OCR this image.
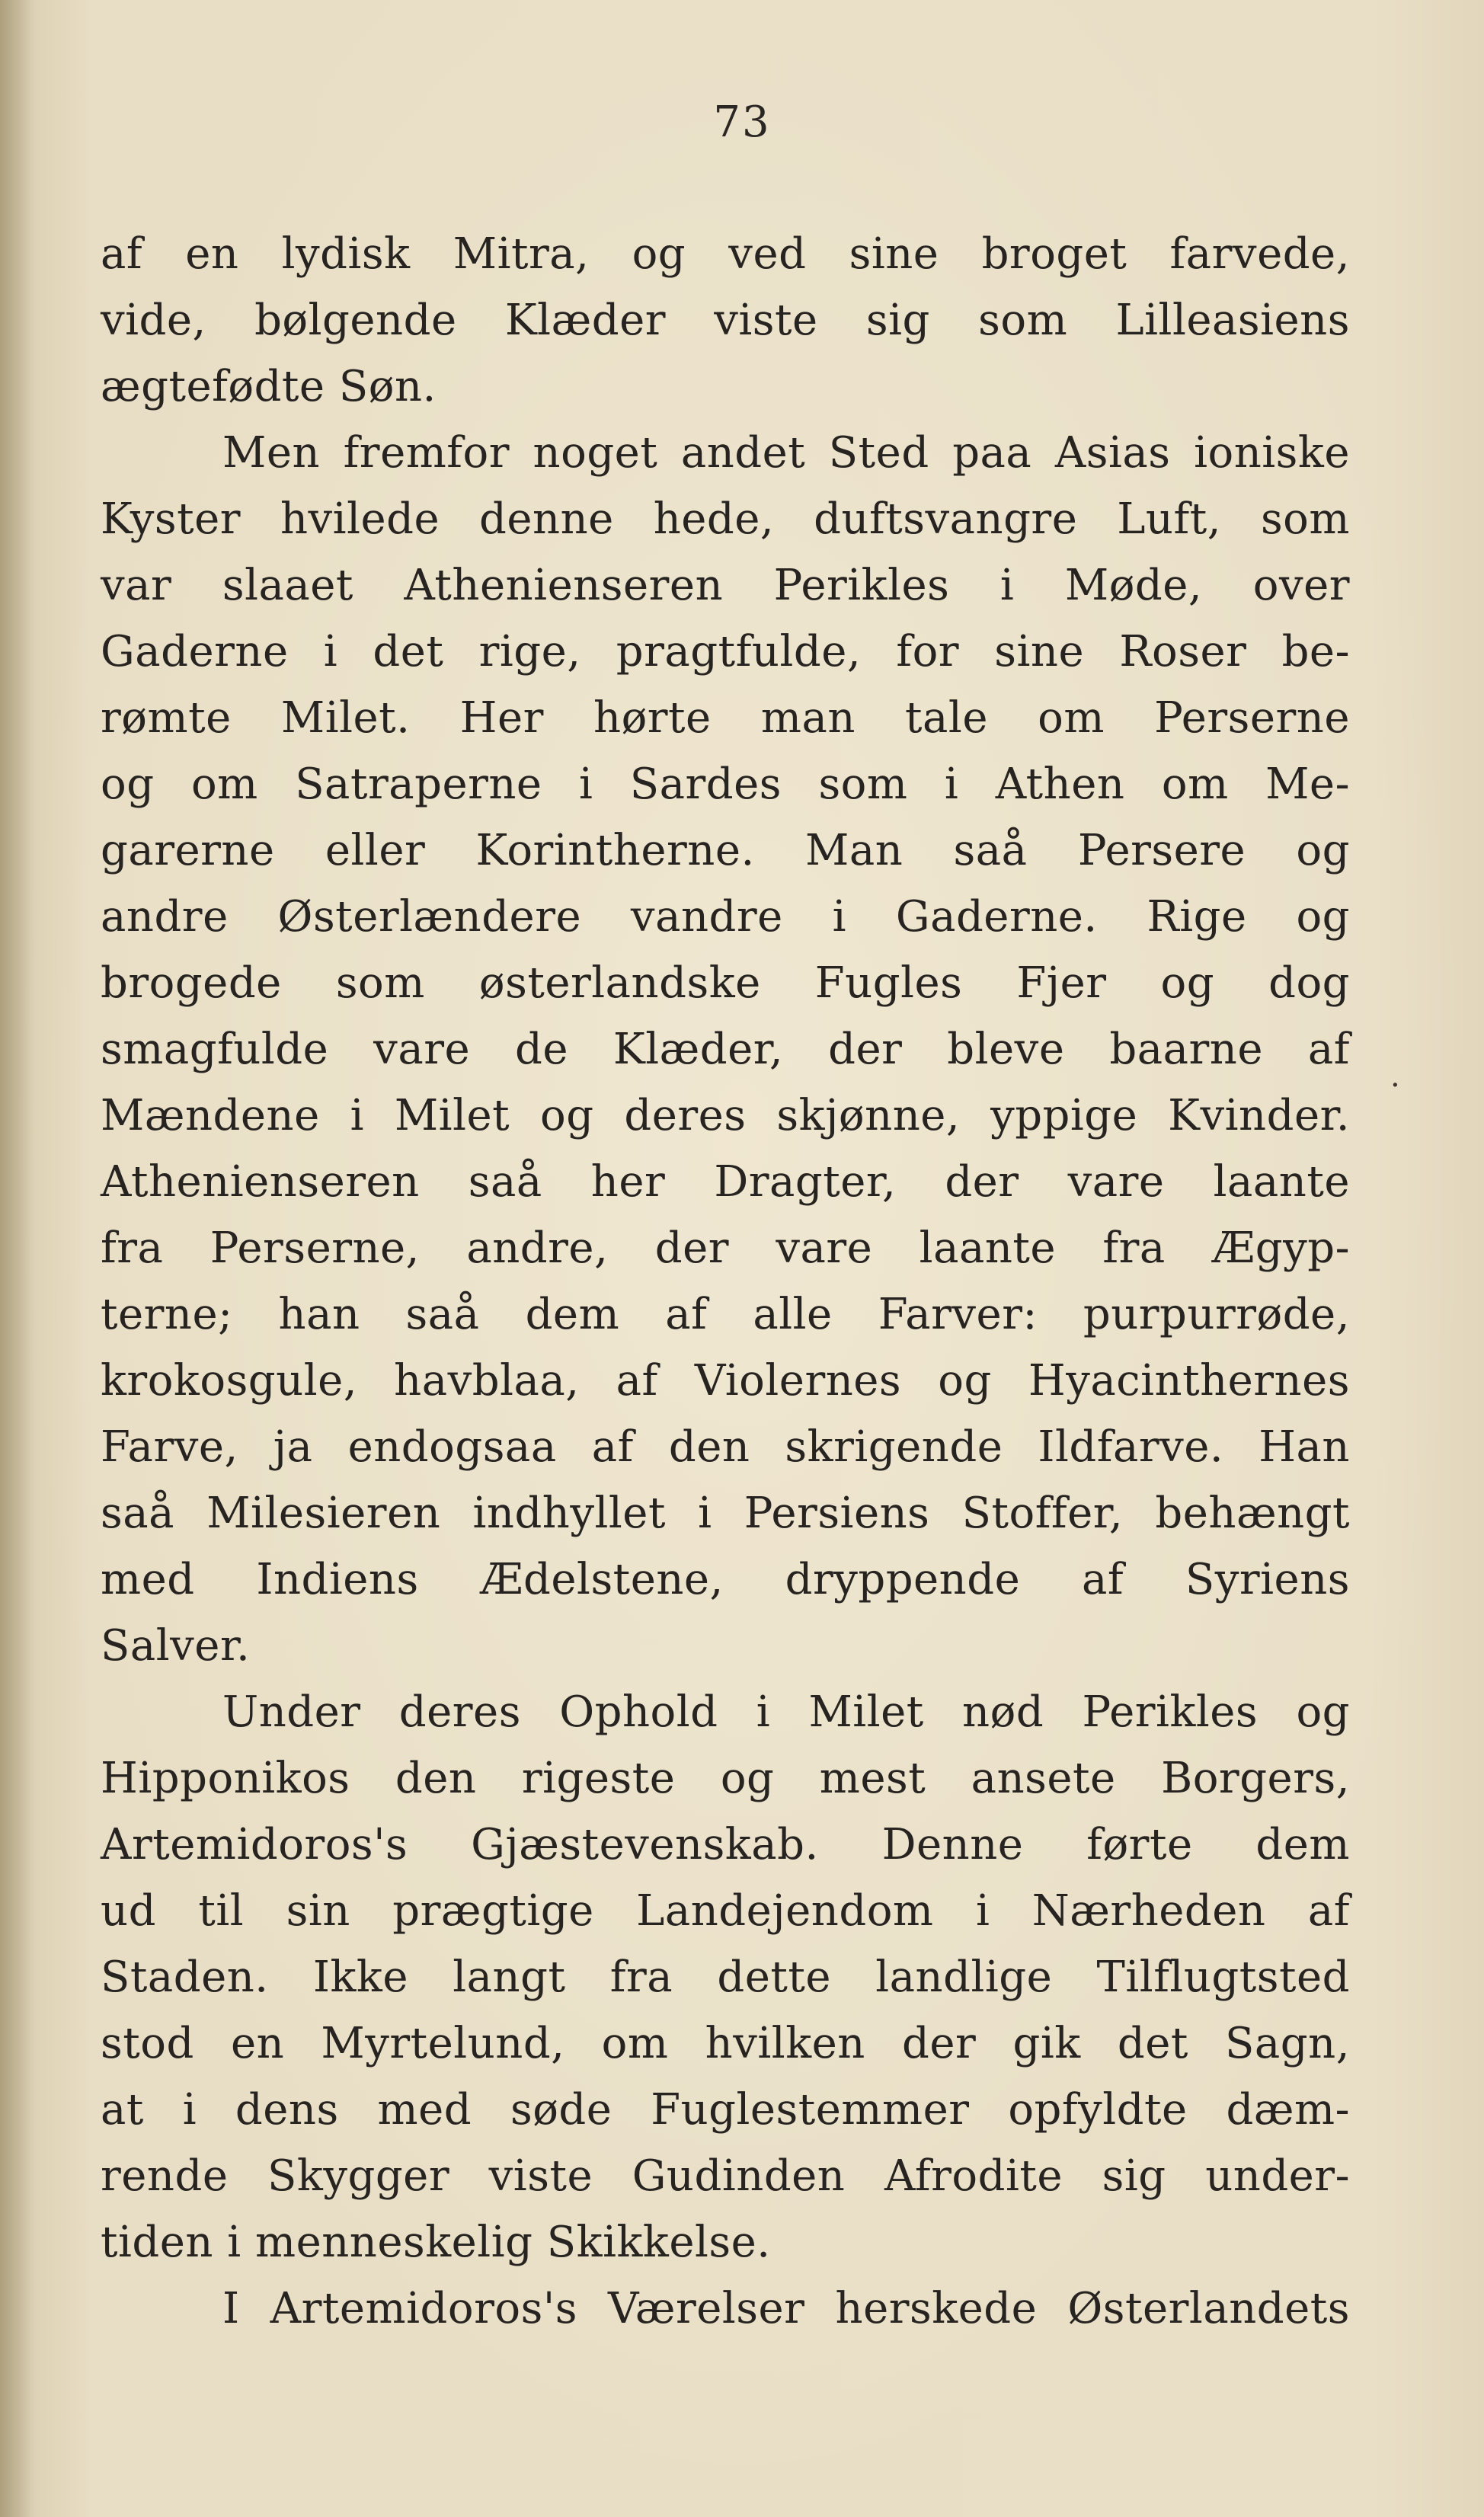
73
af en lydisk Mitra, og ved sine broget farvede,
vide, bølgende Klæder viste sig som Lilleasiens
ægtefødte Søn.
Men fremfor noget andet Sted paa Asias ioniske
Kyster hvilede denne hede, duftsvangre Luft, som
var slaaet Athenienseren Perikles i Møde, over
Gaderne i det rige, pragtfulde, for sine Roser be-
rømte Milet. Her hørte man tale om Perserne
og om Satraperne i Sardes som i Athen om Me-
garerne eller Korintherne. Man saå Persere og
andre Østerlændere vandre i Gaderne. Rige og
brogede som østerlandske Fugles Fjer og dog
smagfulde vare de Klæder, der bleve baarne af
Mændene i Milet og deres skjønne, yppige Kvinder.
Athenienseren saå her Dragter, der vare laante
fra Perserne, andre, der vare laante fra Ægyp-
terne; han saå dem af alle Farver: purpurrøde,
krokosgule, havblaa, af Violernes og Hyacinthernes
Farve, ja endogsaa af den skrigende Ildfarve. Han
saå Milesieren indhyllet i Persiens Stoffer, behængt
med Indiens Ædelstene, dryppende af Syriens
Salver.
Under deres Ophold i Milet nød Perikles og
Hipponikos den rigeste og mest ansete Borgers,
Artemidoros's Gjæstevenskab. Denne førte dem
ud til sin prægtige Landejendom i Nærheden af
Staden. Ikke langt fra dette landlige Tilflugtsted
stod en Myrtelund, om hvilken der gik det Sagn,
at i dens med søde Fuglestemmer opfyldte dæm-
rende Skygger viste Gudinden Afrodite sig under-
tiden i menneskelig Skikkelse.
I Artemidoros's Værelser herskede Østerlandets
.
